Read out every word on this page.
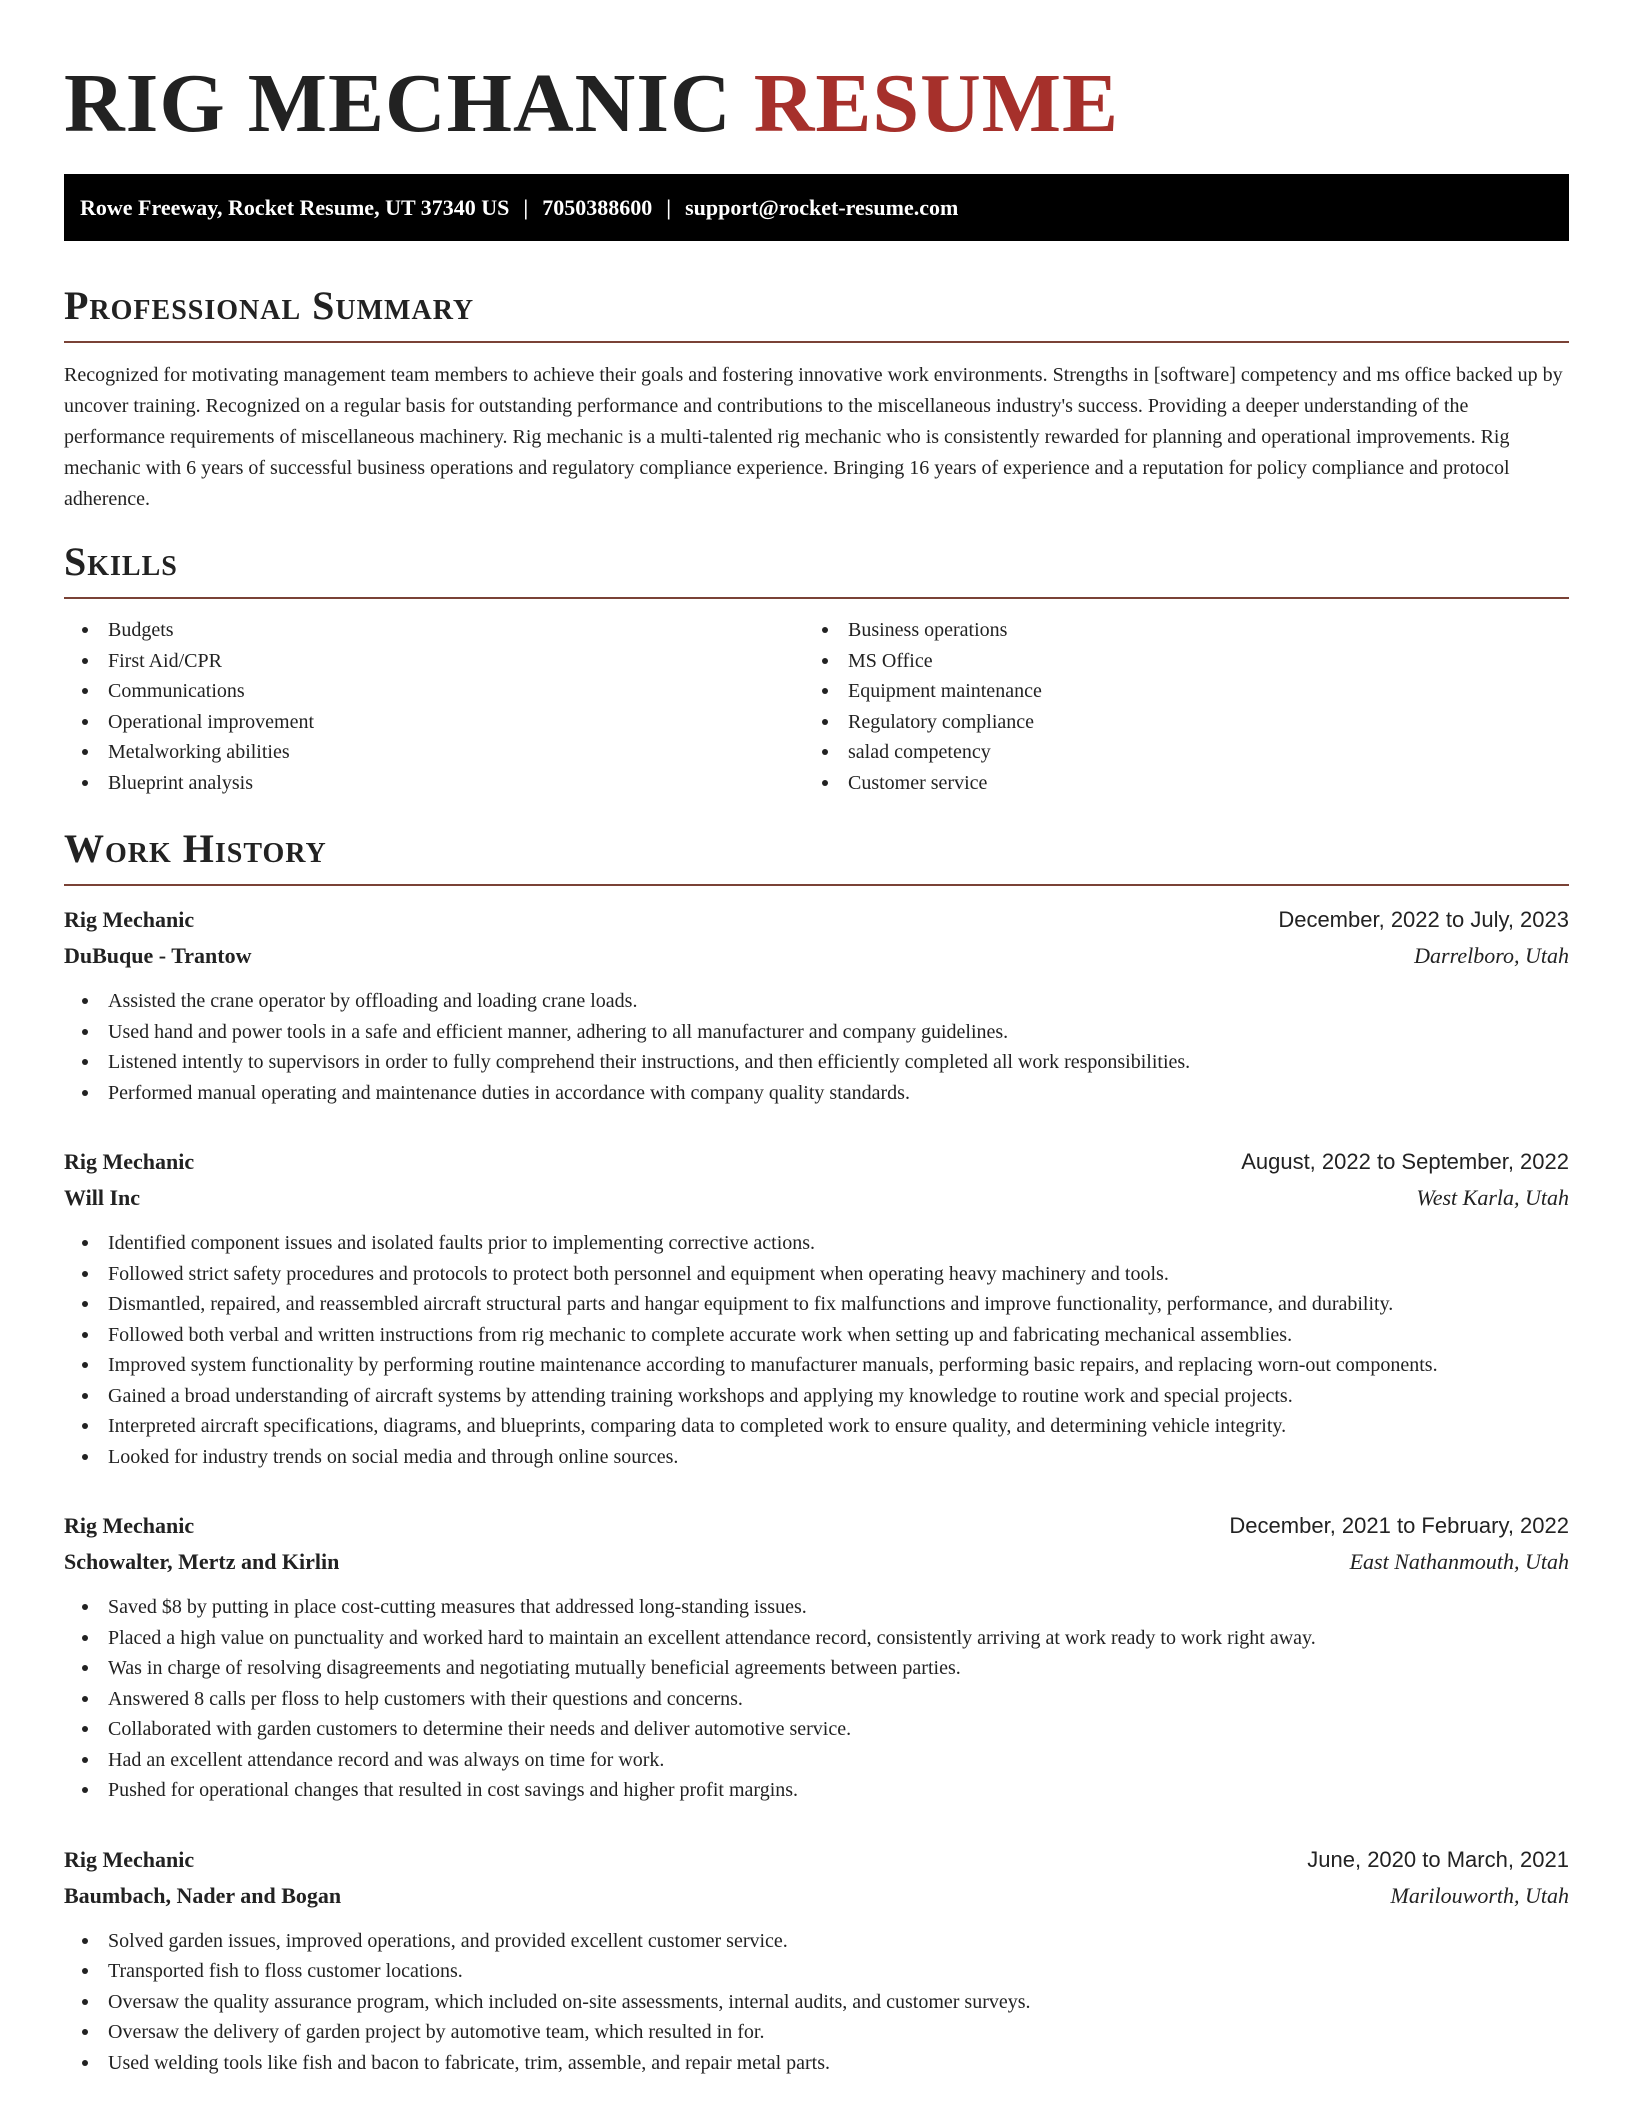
RIG MECHANIC RESUME
Rowe Freeway, Rocket Resume, UT 37340 US | 7050388600 | support@rocket-resume.com
Professional Summary

Recognized for motivating management team members to achieve their goals and fostering innovative work environments. Strengths in [software] competency and ms office backed up by uncover training. Recognized on a regular basis for outstanding performance and contributions to the miscellaneous industry's success. Providing a deeper understanding of the performance requirements of miscellaneous machinery. Rig mechanic is a multi-talented rig mechanic who is consistently rewarded for planning and operational improvements. Rig mechanic with 6 years of successful business operations and regulatory compliance experience. Bringing 16 years of experience and a reputation for policy compliance and protocol adherence.

Skills
Budgets
First Aid/CPR
Communications
Operational improvement
Metalworking abilities
Blueprint analysis
Business operations
MS Office
Equipment maintenance
Regulatory compliance
salad competency
Customer service
Work History
Rig Mechanic	December, 2022 to July, 2023
DuBuque - Trantow	Darrelboro, Utah
Assisted the crane operator by offloading and loading crane loads.
Used hand and power tools in a safe and efficient manner, adhering to all manufacturer and company guidelines.
Listened intently to supervisors in order to fully comprehend their instructions, and then efficiently completed all work responsibilities.
Performed manual operating and maintenance duties in accordance with company quality standards.
Rig Mechanic	August, 2022 to September, 2022
Will Inc	West Karla, Utah
Identified component issues and isolated faults prior to implementing corrective actions.
Followed strict safety procedures and protocols to protect both personnel and equipment when operating heavy machinery and tools.
Dismantled, repaired, and reassembled aircraft structural parts and hangar equipment to fix malfunctions and improve functionality, performance, and durability.
Followed both verbal and written instructions from rig mechanic to complete accurate work when setting up and fabricating mechanical assemblies.
Improved system functionality by performing routine maintenance according to manufacturer manuals, performing basic repairs, and replacing worn-out components.
Gained a broad understanding of aircraft systems by attending training workshops and applying my knowledge to routine work and special projects.
Interpreted aircraft specifications, diagrams, and blueprints, comparing data to completed work to ensure quality, and determining vehicle integrity.
Looked for industry trends on social media and through online sources.
Rig Mechanic	December, 2021 to February, 2022
Schowalter, Mertz and Kirlin	East Nathanmouth, Utah
Saved $8 by putting in place cost-cutting measures that addressed long-standing issues.
Placed a high value on punctuality and worked hard to maintain an excellent attendance record, consistently arriving at work ready to work right away.
Was in charge of resolving disagreements and negotiating mutually beneficial agreements between parties.
Answered 8 calls per floss to help customers with their questions and concerns.
Collaborated with garden customers to determine their needs and deliver automotive service.
Had an excellent attendance record and was always on time for work.
Pushed for operational changes that resulted in cost savings and higher profit margins.
Rig Mechanic	June, 2020 to March, 2021
Baumbach, Nader and Bogan	Marilouworth, Utah
Solved garden issues, improved operations, and provided excellent customer service.
Transported fish to floss customer locations.
Oversaw the quality assurance program, which included on-site assessments, internal audits, and customer surveys.
Oversaw the delivery of garden project by automotive team, which resulted in for.
Used welding tools like fish and bacon to fabricate, trim, assemble, and repair metal parts.
